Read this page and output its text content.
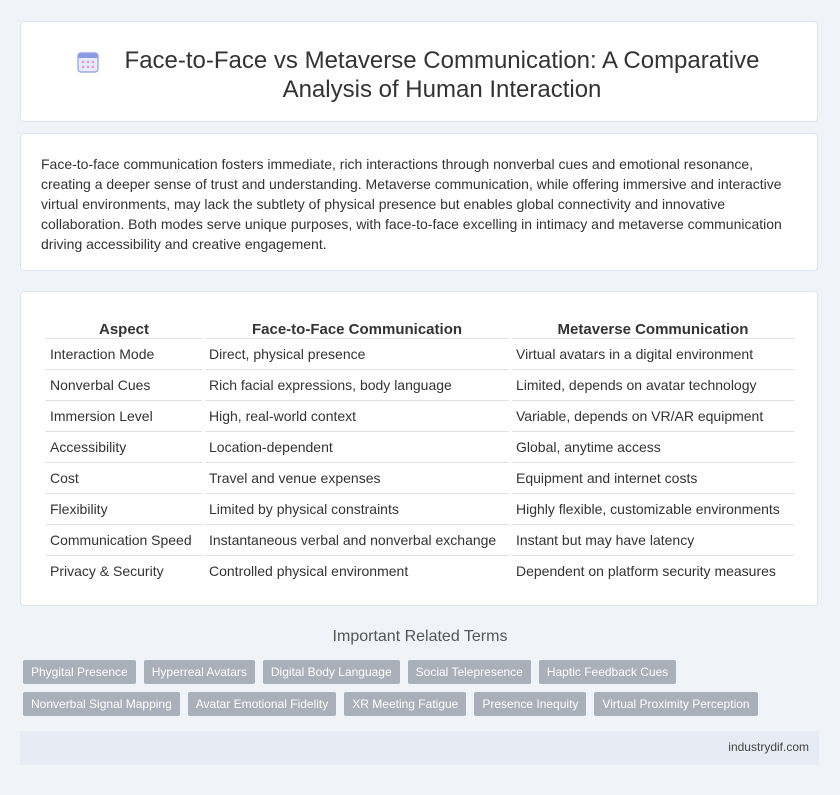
Face-to-Face vs Metaverse Communication: A Comparative Analysis of Human Interaction

Face-to-face communication fosters immediate, rich interactions through nonverbal cues and emotional resonance, creating a deeper sense of trust and understanding. Metaverse communication, while offering immersive and interactive virtual environments, may lack the subtlety of physical presence but enables global connectivity and innovative collaboration. Both modes serve unique purposes, with face-to-face excelling in intimacy and metaverse communication driving accessibility and creative engagement.

Aspect	Face-to-Face Communication	Metaverse Communication
Interaction Mode	Direct, physical presence	Virtual avatars in a digital environment
Nonverbal Cues	Rich facial expressions, body language	Limited, depends on avatar technology
Immersion Level	High, real-world context	Variable, depends on VR/AR equipment
Accessibility	Location-dependent	Global, anytime access
Cost	Travel and venue expenses	Equipment and internet costs
Flexibility	Limited by physical constraints	Highly flexible, customizable environments
Communication Speed	Instantaneous verbal and nonverbal exchange	Instant but may have latency
Privacy & Security	Controlled physical environment	Dependent on platform security measures
Important Related Terms
Phygital Presence	Hyperreal Avatars	Digital Body Language	Social Telepresence	Haptic Feedback Cues
Nonverbal Signal Mapping	Avatar Emotional Fidelity	XR Meeting Fatigue	Presence Inequity	Virtual Proximity Perception
industrydif.com
